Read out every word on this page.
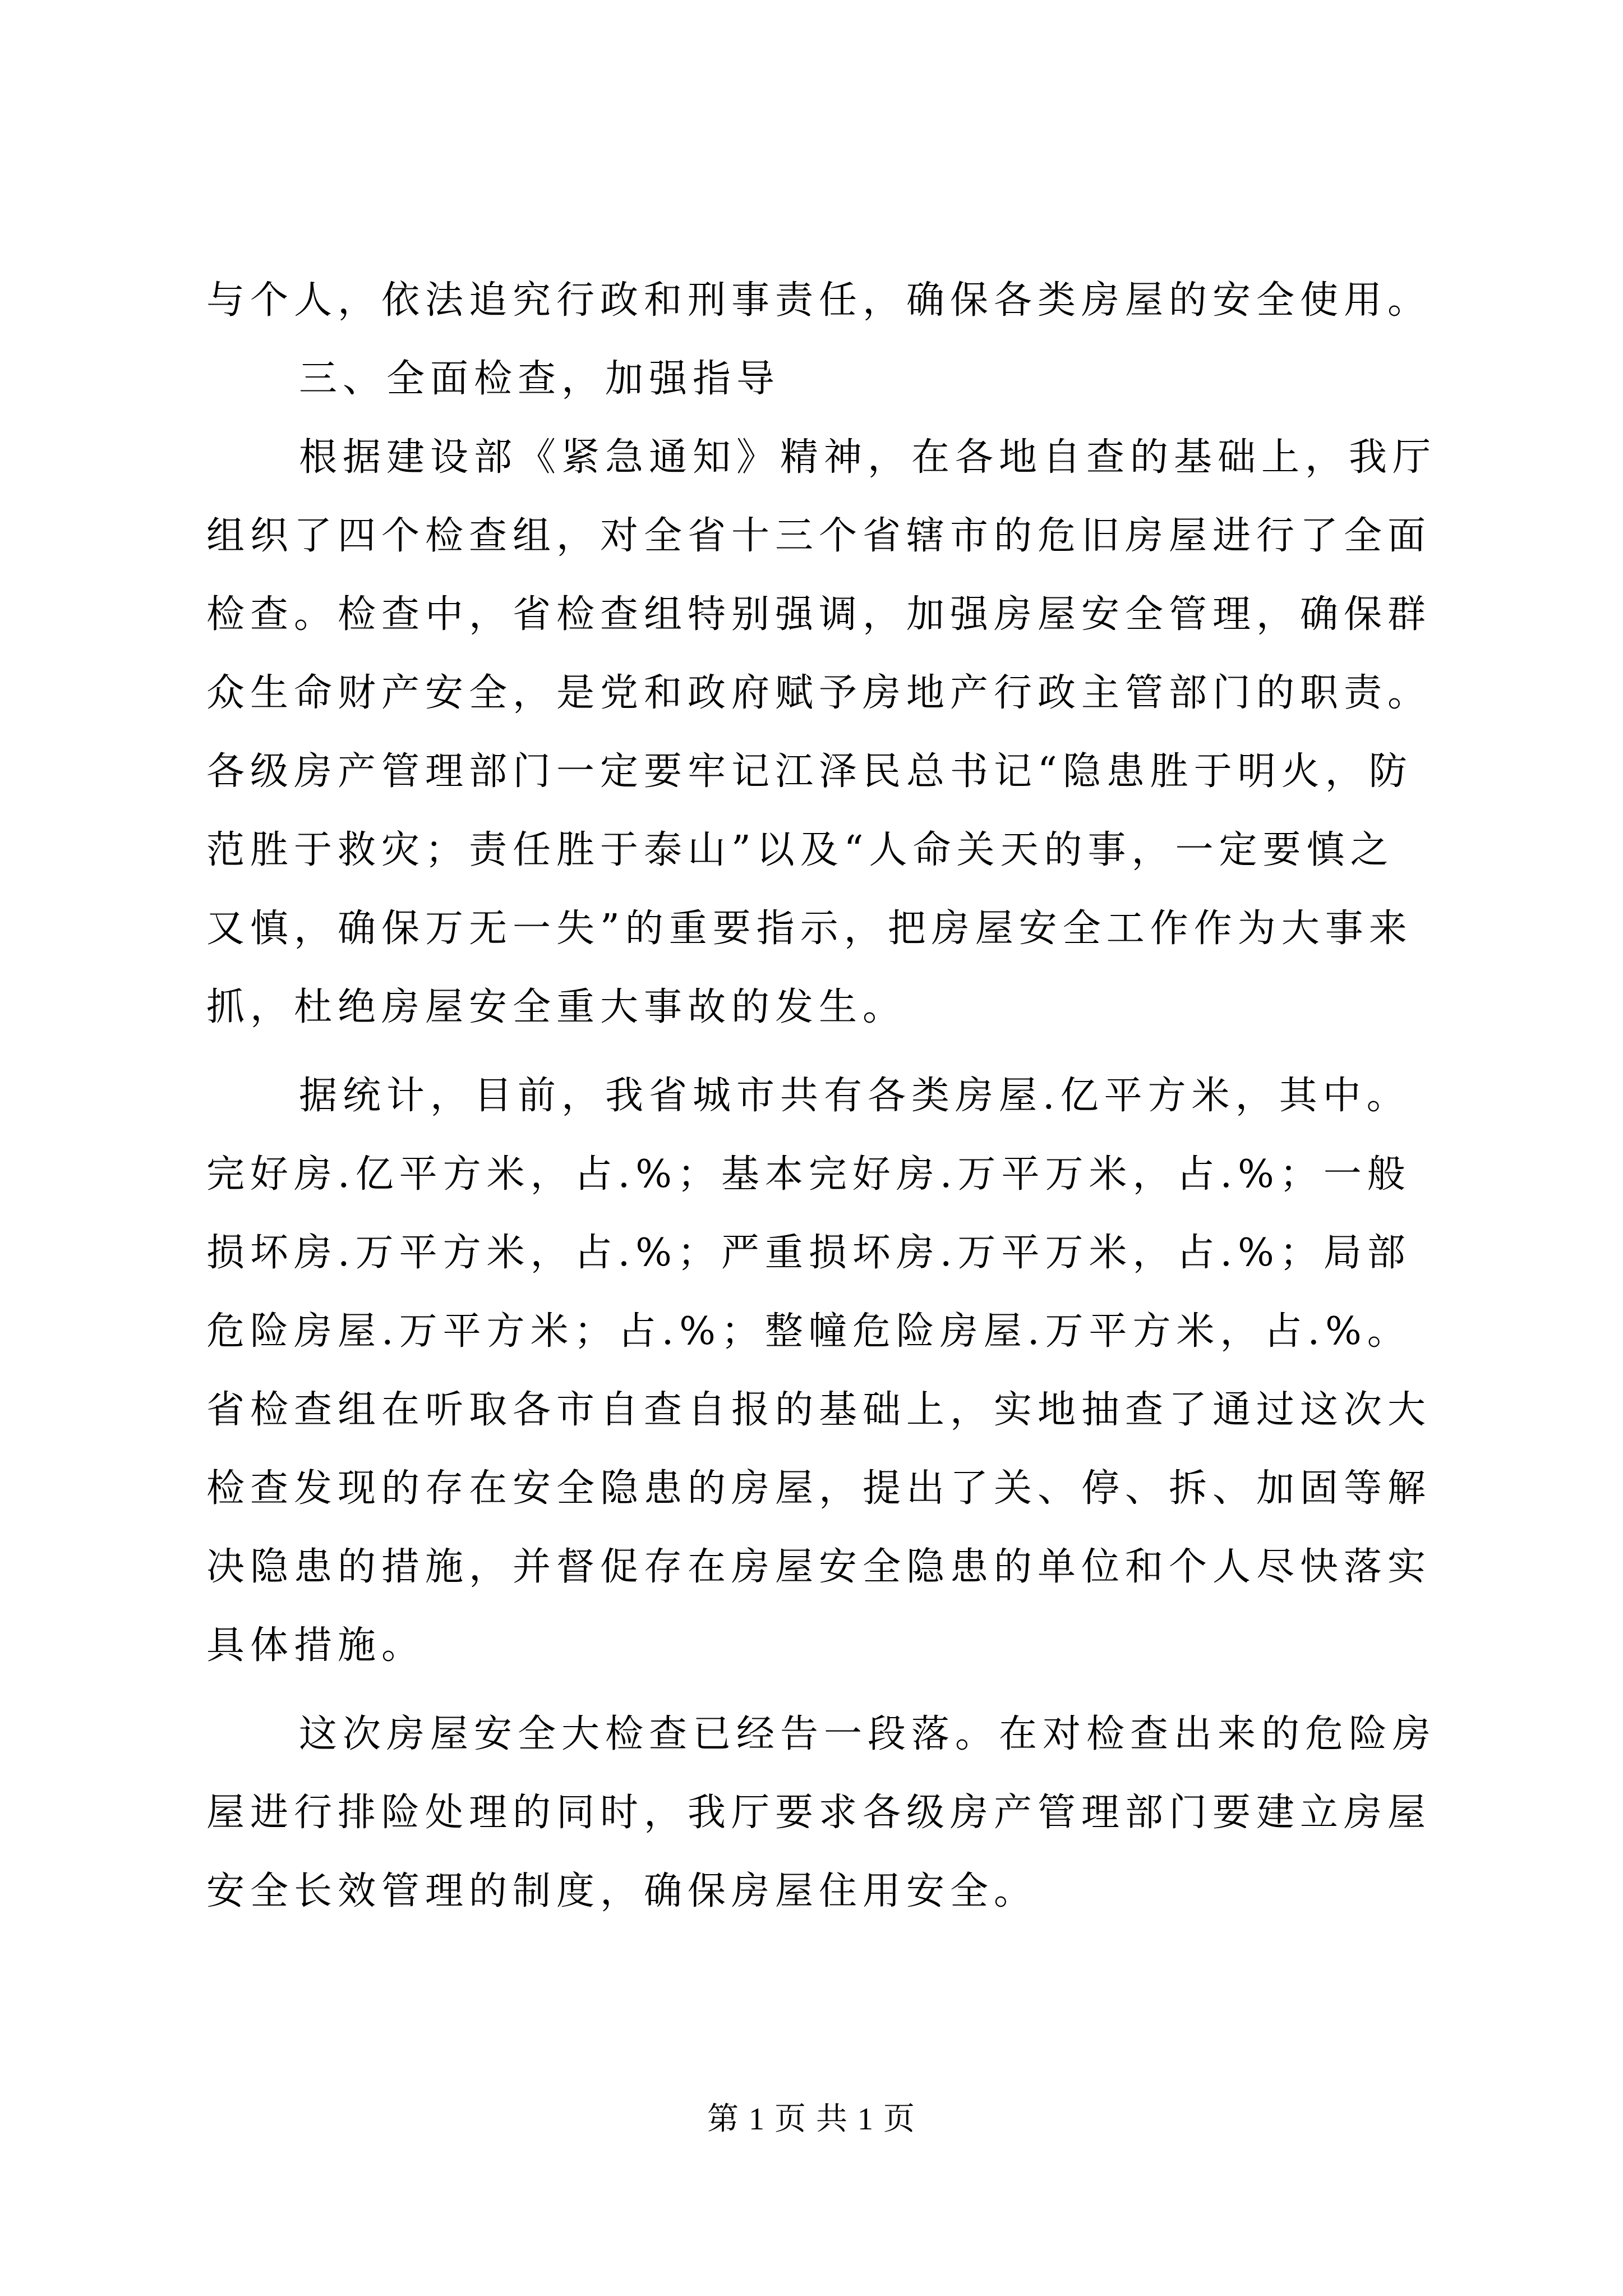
与个人，依法追究行政和刑事责任，确保各类房屋的安全使用。
三、全面检查，加强指导
根据建设部《紧急通知》精神，在各地自查的基础上，我厅
组织了四个检查组，对全省十三个省辖市的危旧房屋进行了全面
检查。检查中，省检查组特别强调，加强房屋安全管理，确保群
众生命财产安全，是党和政府赋予房地产行政主管部门的职责。
各级房产管理部门一定要牢记江泽民总书记“隐患胜于明火，防
范胜于救灾；责任胜于泰山”以及“人命关天的事，一定要慎之
又慎，确保万无一失”的重要指示，把房屋安全工作作为大事来
抓，杜绝房屋安全重大事故的发生。
据统计，目前，我省城市共有各类房屋.亿平方米，其中。
完好房.亿平方米，占.%；基本完好房.万平万米，占.%；一般
损坏房.万平方米，占.%；严重损坏房.万平万米，占.%；局部
危险房屋.万平方米；占.%；整幢危险房屋.万平方米，占.%。
省检查组在听取各市自查自报的基础上，实地抽查了通过这次大
检查发现的存在安全隐患的房屋，提出了关、停、拆、加固等解
决隐患的措施，并督促存在房屋安全隐患的单位和个人尽快落实
具体措施。
这次房屋安全大检查已经告一段落。在对检查出来的危险房
屋进行排险处理的同时，我厅要求各级房产管理部门要建立房屋
安全长效管理的制度，确保房屋住用安全。
第 1 页 共 1 页
